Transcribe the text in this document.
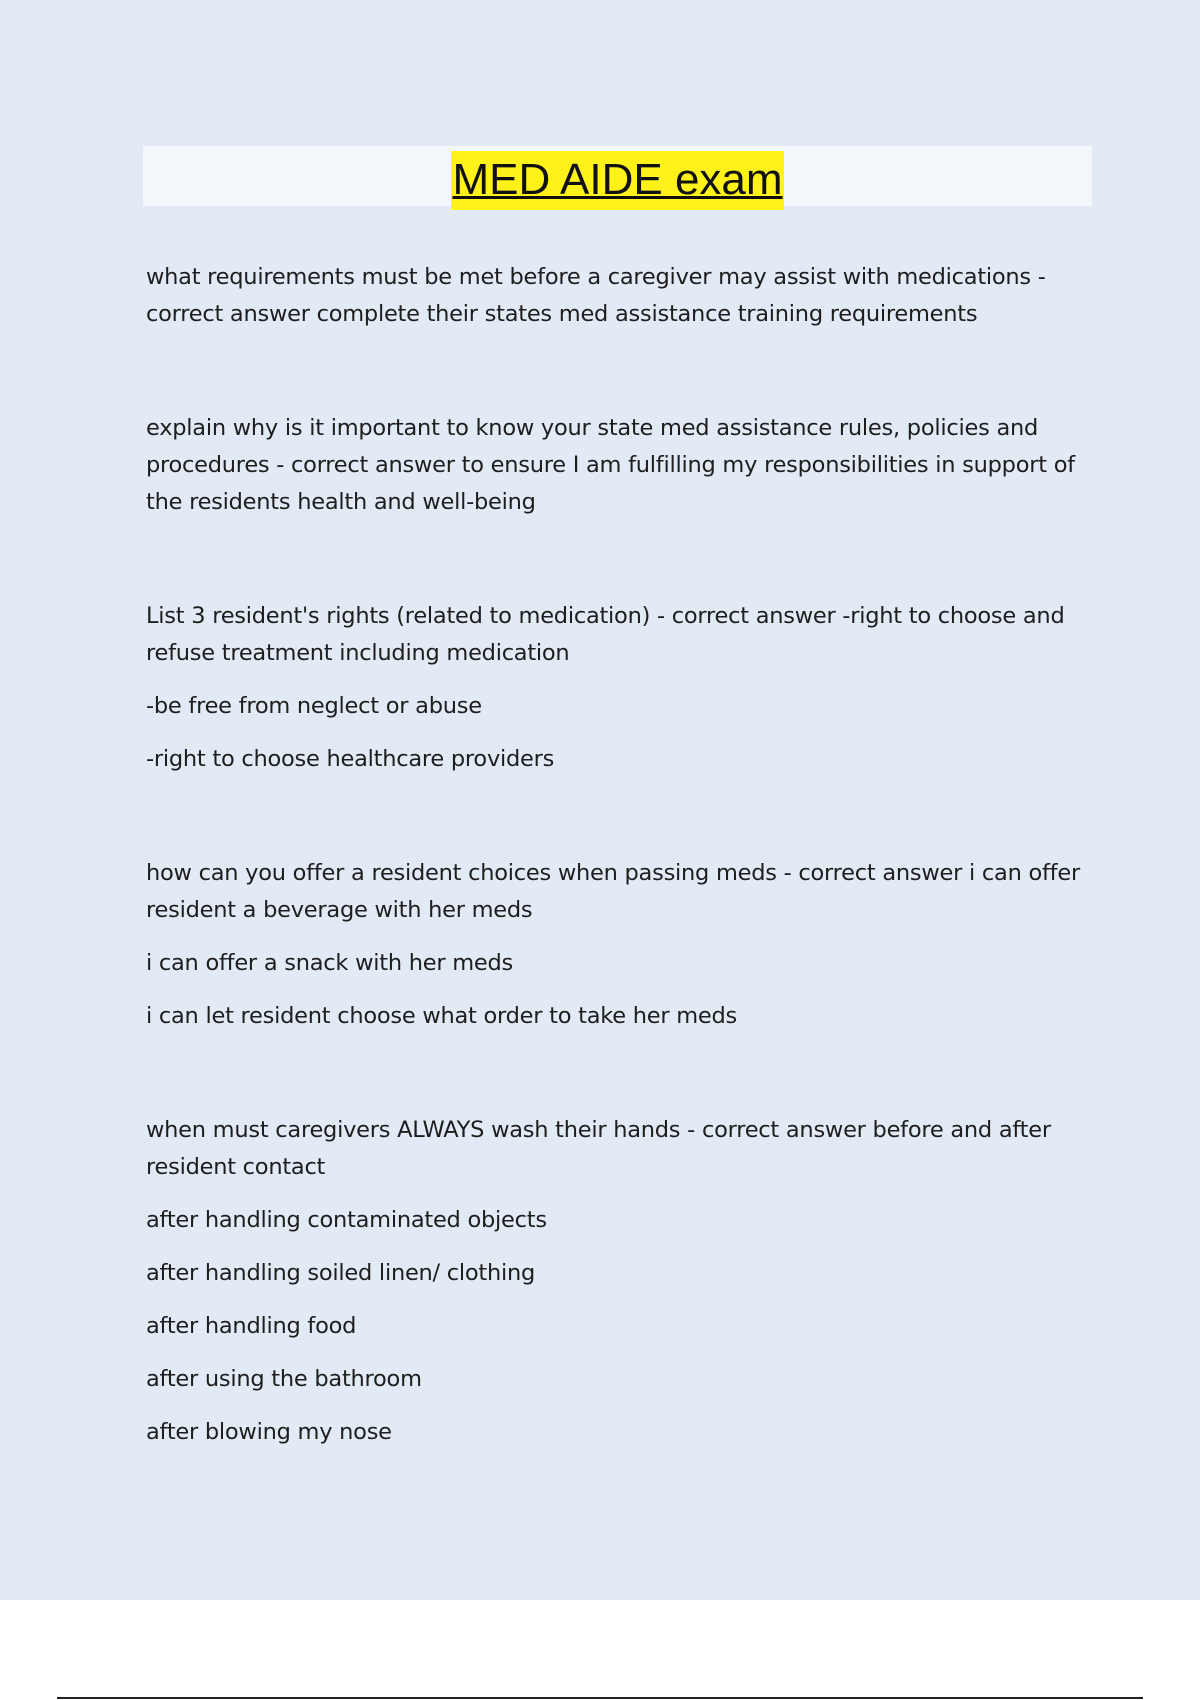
MED AIDE exam

what requirements must be met before a caregiver may assist with medications - correct answer complete their states med assistance training requirements

explain why is it important to know your state med assistance rules, policies and procedures - correct answer to ensure I am fulfilling my responsibilities in support of the residents health and well-being

List 3 resident's rights (related to medication) - correct answer -right to choose and refuse treatment including medication

-be free from neglect or abuse

-right to choose healthcare providers

how can you offer a resident choices when passing meds - correct answer i can offer resident a beverage with her meds

i can offer a snack with her meds

i can let resident choose what order to take her meds

when must caregivers ALWAYS wash their hands - correct answer before and after resident contact

after handling contaminated objects

after handling soiled linen/ clothing

after handling food

after using the bathroom

after blowing my nose
